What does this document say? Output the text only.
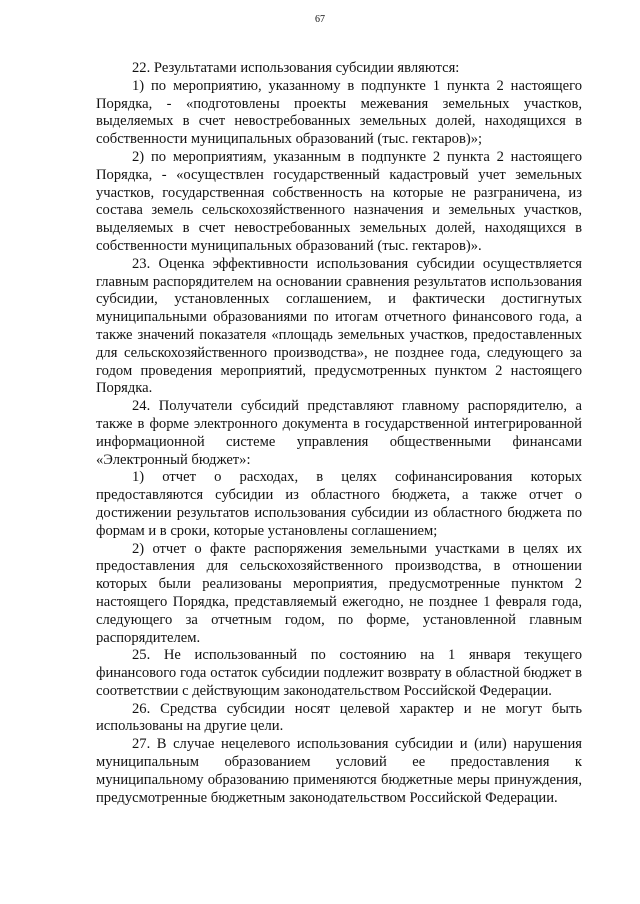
67

22. Результатами использования субсидии являются:

1) по мероприятию, указанному в подпункте 1 пункта 2 настоящего Порядка, - «подготовлены проекты межевания земельных участков, выделяемых в счет невостребованных земельных долей, находящихся в собственности муниципальных образований (тыс. гектаров)»;

2) по мероприятиям, указанным в подпункте 2 пункта 2 настоящего Порядка, - «осуществлен государственный кадастровый учет земельных участков, государственная собственность на которые не разграничена, из состава земель сельскохозяйственного назначения и земельных участков, выделяемых в счет невостребованных земельных долей, находящихся в собственности муниципальных образований (тыс. гектаров)».

23. Оценка эффективности использования субсидии осуществляется главным распорядителем на основании сравнения результатов использования субсидии, установленных соглашением, и фактически достигнутых муниципальными образованиями по итогам отчетного финансового года, а также значений показателя «площадь земельных участков, предоставленных для сельскохозяйственного производства», не позднее года, следующего за годом проведения мероприятий, предусмотренных пунктом 2 настоящего Порядка.

24. Получатели субсидий представляют главному распорядителю, а также в форме электронного документа в государственной интегрированной информационной системе управления общественными финансами «Электронный бюджет»:

1) отчет о расходах, в целях софинансирования которых предоставляются субсидии из областного бюджета, а также отчет о достижении результатов использования субсидии из областного бюджета по формам и в сроки, которые установлены соглашением;

2) отчет о факте распоряжения земельными участками в целях их предоставления для сельскохозяйственного производства, в отношении которых были реализованы мероприятия, предусмотренные пунктом 2 настоящего Порядка, представляемый ежегодно, не позднее 1 февраля года, следующего за отчетным годом, по форме, установленной главным распорядителем.

25. Не использованный по состоянию на 1 января текущего финансового года остаток субсидии подлежит возврату в областной бюджет в соответствии с действующим законодательством Российской Федерации.

26. Средства субсидии носят целевой характер и не могут быть использованы на другие цели.

27. В случае нецелевого использования субсидии и (или) нарушения муниципальным образованием условий ее предоставления к муниципальному образованию применяются бюджетные меры принуждения, предусмотренные бюджетным законодательством Российской Федерации.
